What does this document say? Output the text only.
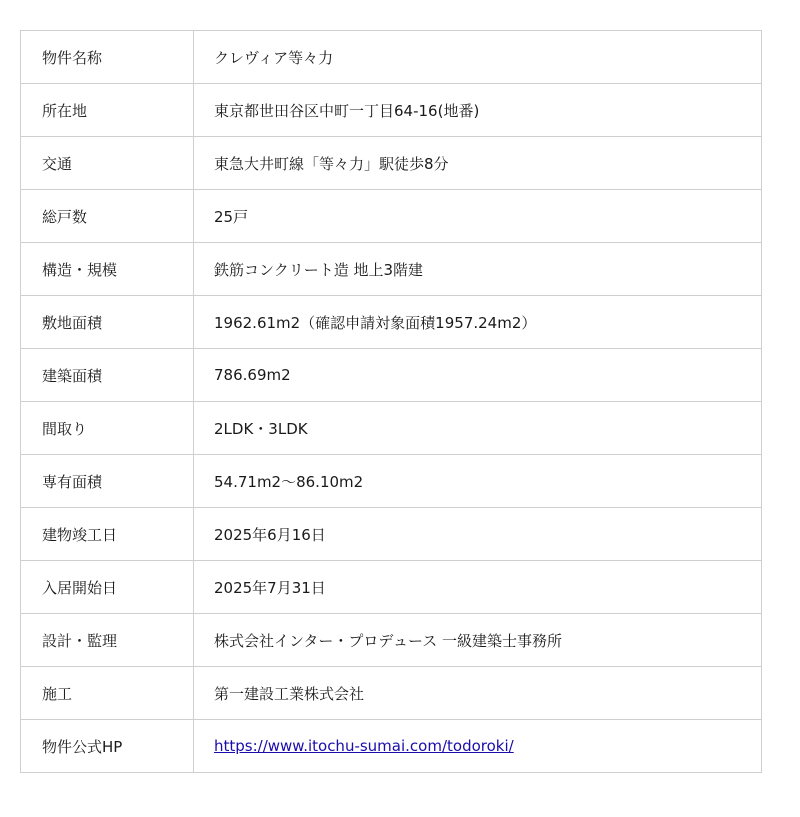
物件名称	クレヴィア等々力
所在地	東京都世田谷区中町一丁目64-16(地番)
交通	東急大井町線「等々力」駅徒歩8分
総戸数	25戸
構造・規模	鉄筋コンクリート造 地上3階建
敷地面積	1962.61m2（確認申請対象面積1957.24m2）
建築面積	786.69m2
間取り	2LDK・3LDK
専有面積	54.71m2～86.10m2
建物竣工日	2025年6月16日
入居開始日	2025年7月31日
設計・監理	株式会社インター・プロデュース 一級建築士事務所
施工	第一建設工業株式会社
物件公式HP	https://www.itochu-sumai.com/todoroki/
